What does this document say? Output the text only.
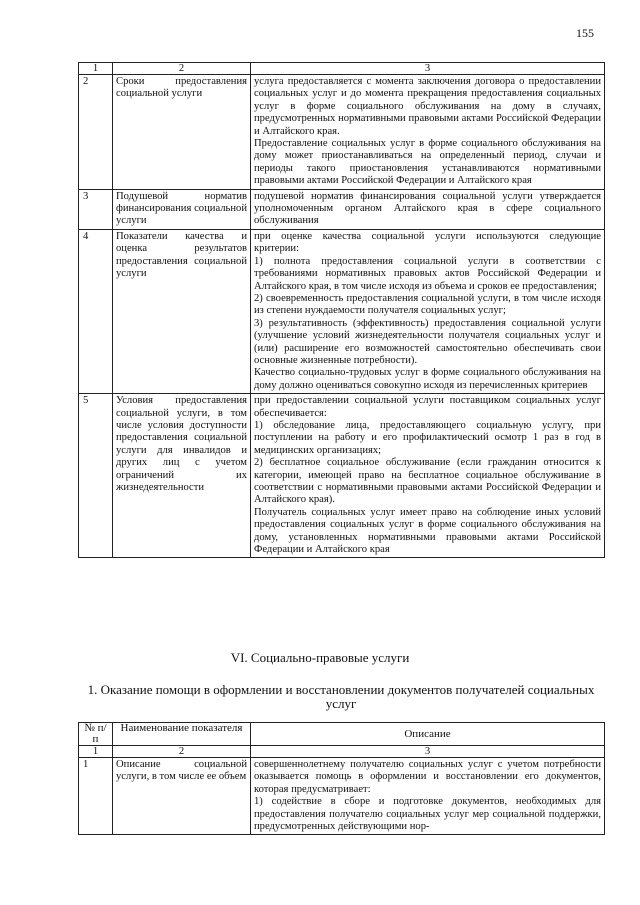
155
1	2	3
2	Сроки предоставления социальной услуги	услуга предоставляется с момента заключения договора о предоставлении социальных услуг и до момента прекращения предоставления социальных услуг в форме социального обслуживания на дому в случаях, предусмотренных нормативными правовыми актами Российской Федерации и Алтайского края.

Предоставление социальных услуг в форме социального обслуживания на дому может приостанавливаться на определенный период, случаи и периоды такого приостановления устанавливаются нормативными правовыми актами Российской Федерации и Алтайского края

3	Подушевой норматив финансирования социальной услуги	подушевой норматив финансирования социальной услуги утверждается уполномоченным органом Алтайского края в сфере социального обслуживания

4	Показатели качества и оценка результатов предоставления социальной услуги	при оценке качества социальной услуги используются следующие критерии:

1) полнота предоставления социальной услуги в соответствии с требованиями нормативных правовых актов Российской Федерации и Алтайского края, в том числе исходя из объема и сроков ее предоставления;

2) своевременность предоставления социальной услуги, в том числе исходя из степени нуждаемости получателя социальных услуг;

3) результативность (эффективность) предоставления социальной услуги (улучшение условий жизнедеятельности получателя социальных услуг и (или) расширение его возможностей самостоятельно обеспечивать свои основные жизненные потребности).

Качество социально-трудовых услуг в форме социального обслуживания на дому должно оцениваться совокупно исходя из перечисленных критериев

5	Условия предоставления социальной услуги, в том числе условия доступности предоставления социальной услуги для инвалидов и других лиц с учетом ограничений их жизнедеятельности	при предоставлении социальной услуги поставщиком социальных услуг обеспечивается:

1) обследование лица, предоставляющего социальную услугу, при поступлении на работу и его профилактический осмотр 1 раз в год в медицинских организациях;

2) бесплатное социальное обслуживание (если гражданин относится к категории, имеющей право на бесплатное социальное обслуживание в соответствии с нормативными правовыми актами Российской Федерации и Алтайского края).

Получатель социальных услуг имеет право на соблюдение иных условий предоставления социальных услуг в форме социального обслуживания на дому, установленных нормативными правовыми актами Российской Федерации и Алтайского края

VI. Социально-правовые услуги
1. Оказание помощи в оформлении и восстановлении документов получателей социальных услуг
№ п/п	Наименование показателя	Описание
1	2	3
1	Описание социальной услуги, в том числе ее объем	совершеннолетнему получателю социальных услуг с учетом потребности оказывается помощь в оформлении и восстановлении его документов, которая предусматривает:

1) содействие в сборе и подготовке документов, необходимых для предоставления получателю социальных услуг мер социальной поддержки, предусмотренных действующими нор-
